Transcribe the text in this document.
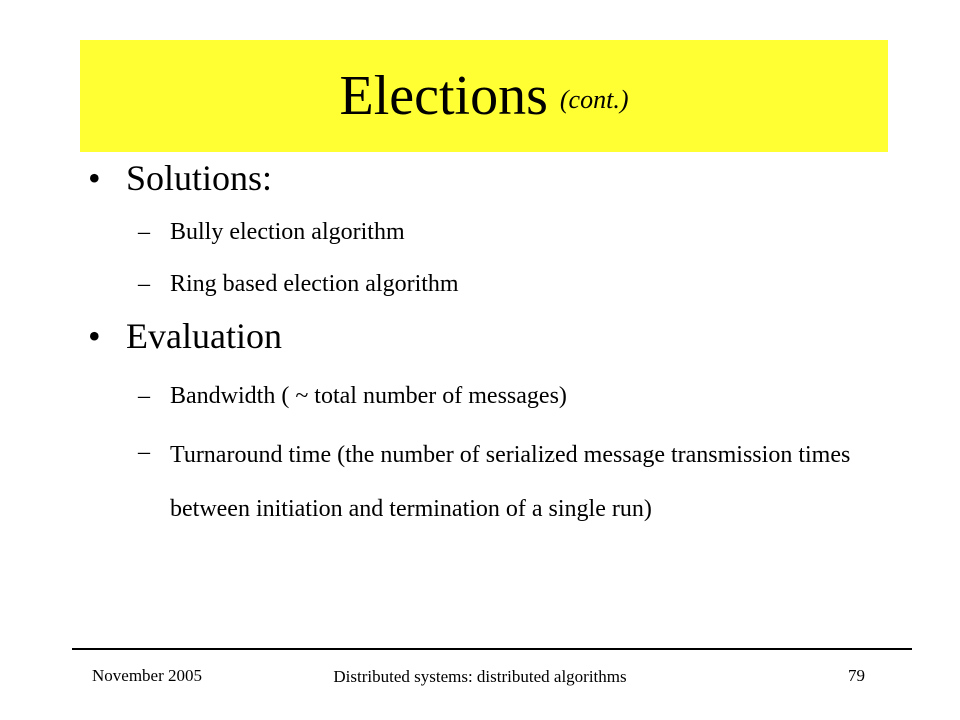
Elections (cont.)
• Solutions:
– Bully election algorithm
– Ring based election algorithm
• Evaluation
– Bandwidth ( ~ total number of messages)
– Turnaround time (the number of serialized message transmission times between initiation and termination of a single run)
November 2005	Distributed systems: distributed algorithms	79
